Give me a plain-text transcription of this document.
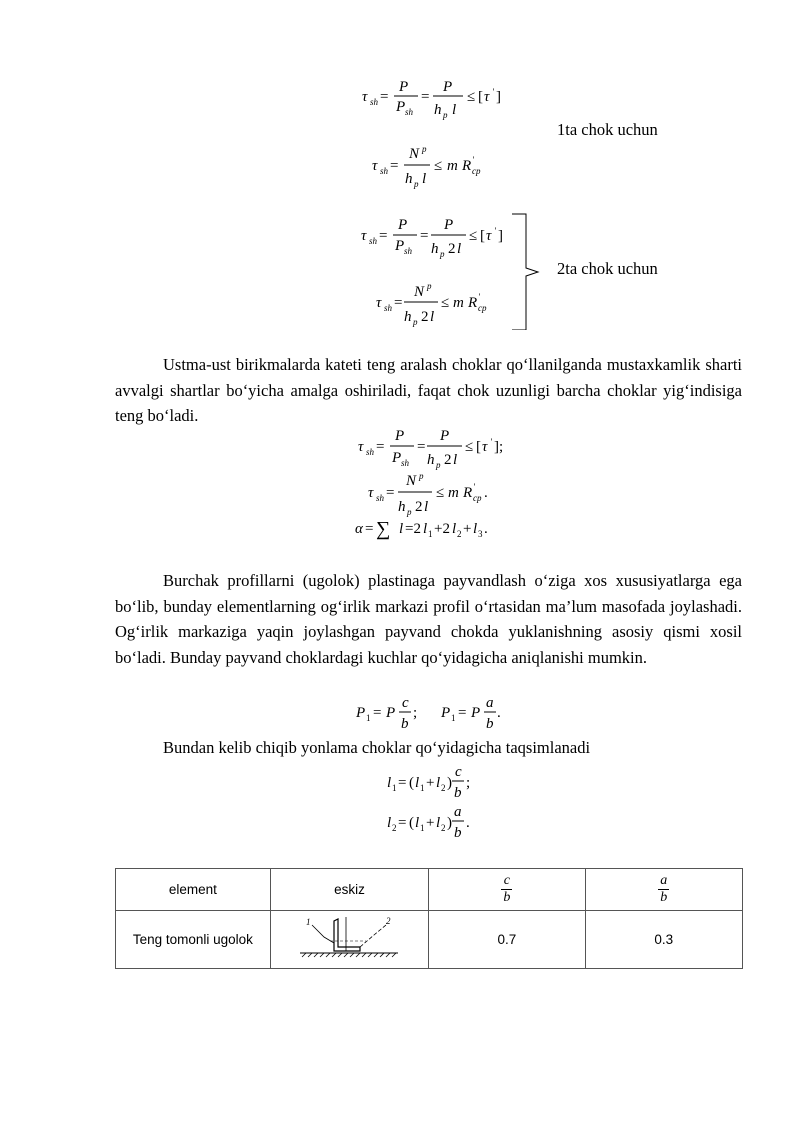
τ sh =
P
P sh
=
P
h p l
≤ [ τ ' ]
τ sh =
N p
h p l
≤ m R '
cp
τ sh =
P
P sh
=
P
h p 2 l
≤ [ τ ' ]
τ sh =
N p
h p 2 l
≤ m R '
cp
1ta chok uchun
2ta chok uchun
Ustma-ust birikmalarda kateti teng aralash choklar qo‘llanilganda mustaxkamlik sharti avvalgi shartlar bo‘yicha amalga oshiriladi, faqat chok uzunligi barcha choklar yig‘indisiga teng bo‘ladi.
τ sh =
P
P sh
=
P
h p 2 l
≤ [ τ ' ];
τ sh =
N p
h p 2 l
≤ m R '
cp .
α = ∑ l =2 l 1 +2 l 2 + l 3 .
Burchak profillarni (ugolok) plastinaga payvandlash o‘ziga xos xususiyatlarga ega bo‘lib, bunday elementlarning og‘irlik markazi profil o‘rtasidan ma’lum masofada joylashadi. Og‘irlik markaziga yaqin joylashgan payvand chokda yuklanishning asosiy qismi xosil bo‘ladi. Bunday payvand choklardagi kuchlar qo‘yidagicha aniqlanishi mumkin.
P 1 = P
c
b
; P 1 = P
a
b
.
Bundan kelib chiqib yonlama choklar qo‘yidagicha taqsimlanadi
l 1 = ( l 1 + l 2 )
c
b
;
l 2 = ( l 1 + l 2 )
a
b
.
element	eskiz	$\frac{c}{b}$	$\frac{a}{b}$

Teng tomonli ugolok	1 2	0.7	0.3
